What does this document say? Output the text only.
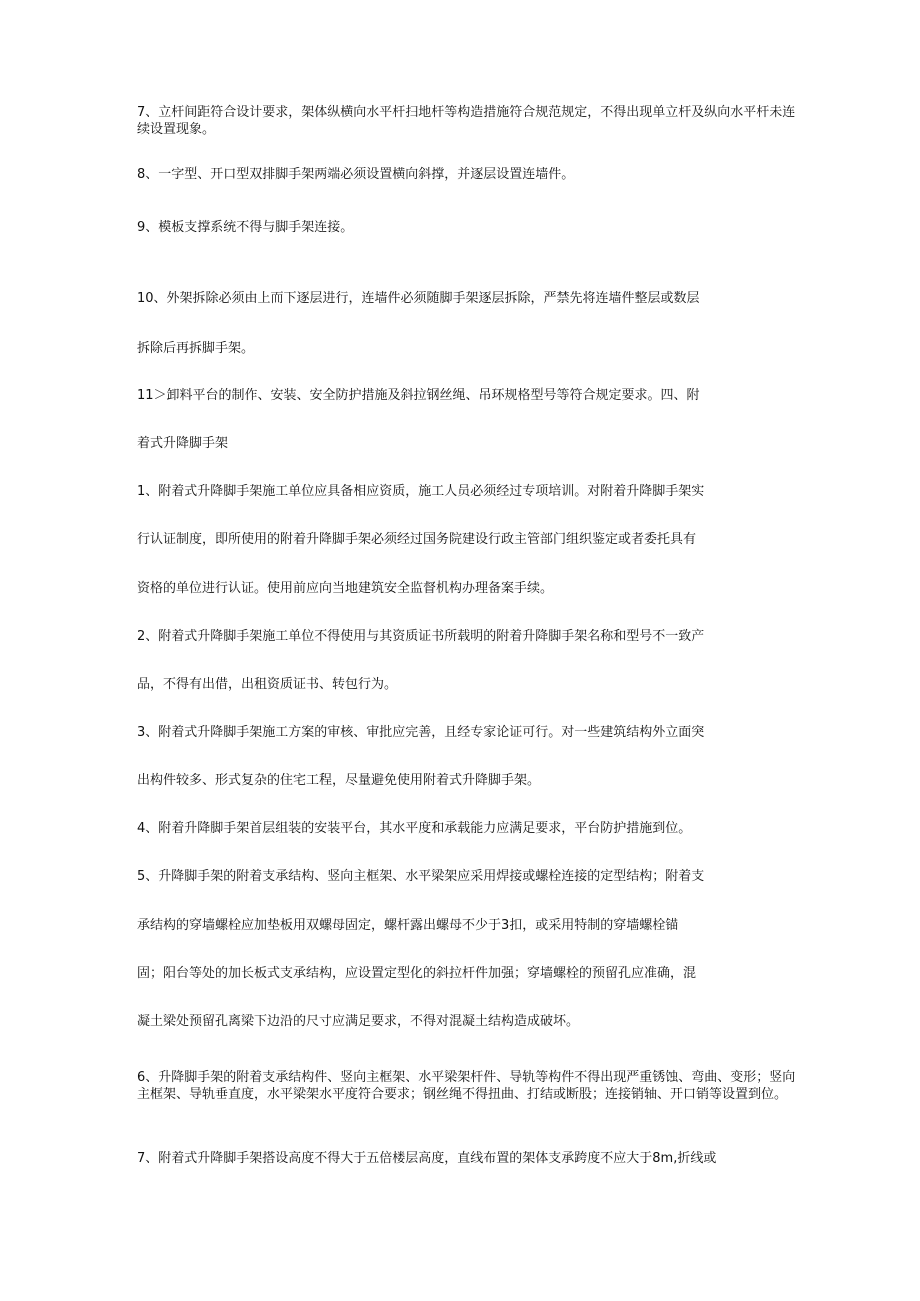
7、立杆间距符合设计要求，架体纵横向水平杆扫地杆等构造措施符合规范规定，不得出现单立杆及纵向水平杆未连续设置现象。
8、一字型、开口型双排脚手架两端必须设置横向斜撑，并逐层设置连墙件。
9、模板支撑系统不得与脚手架连接。
10、外架拆除必须由上而下逐层进行，连墙件必须随脚手架逐层拆除，严禁先将连墙件整层或数层
拆除后再拆脚手架。
11＞卸料平台的制作、安装、安全防护措施及斜拉钢丝绳、吊环规格型号等符合规定要求。四、附
着式升降脚手架
1、附着式升降脚手架施工单位应具备相应资质，施工人员必须经过专项培训。对附着升降脚手架实
行认证制度，即所使用的附着升降脚手架必须经过国务院建设行政主管部门组织鉴定或者委托具有
资格的单位进行认证。使用前应向当地建筑安全监督机构办理备案手续。
2、附着式升降脚手架施工单位不得使用与其资质证书所载明的附着升降脚手架名称和型号不一致产
品，不得有出借，出租资质证书、转包行为。
3、附着式升降脚手架施工方案的审核、审批应完善，且经专家论证可行。对一些建筑结构外立面突
出构件较多、形式复杂的住宅工程，尽量避免使用附着式升降脚手架。
4、附着升降脚手架首层组装的安装平台，其水平度和承载能力应满足要求，平台防护措施到位。
5、升降脚手架的附着支承结构、竖向主框架、水平梁架应采用焊接或螺栓连接的定型结构；附着支
承结构的穿墙螺栓应加垫板用双螺母固定，螺杆露出螺母不少于3扣，或采用特制的穿墙螺栓锚
固；阳台等处的加长板式支承结构，应设置定型化的斜拉杆件加强；穿墙螺栓的预留孔应准确，混
凝土梁处预留孔离梁下边沿的尺寸应满足要求，不得对混凝土结构造成破坏。
6、升降脚手架的附着支承结构件、竖向主框架、水平梁架杆件、导轨等构件不得出现严重锈蚀、弯曲、变形；竖向主框架、导轨垂直度，水平梁架水平度符合要求；钢丝绳不得扭曲、打结或断股；连接销轴、开口销等设置到位。
7、附着式升降脚手架搭设高度不得大于五倍楼层高度，直线布置的架体支承跨度不应大于8m,折线或
